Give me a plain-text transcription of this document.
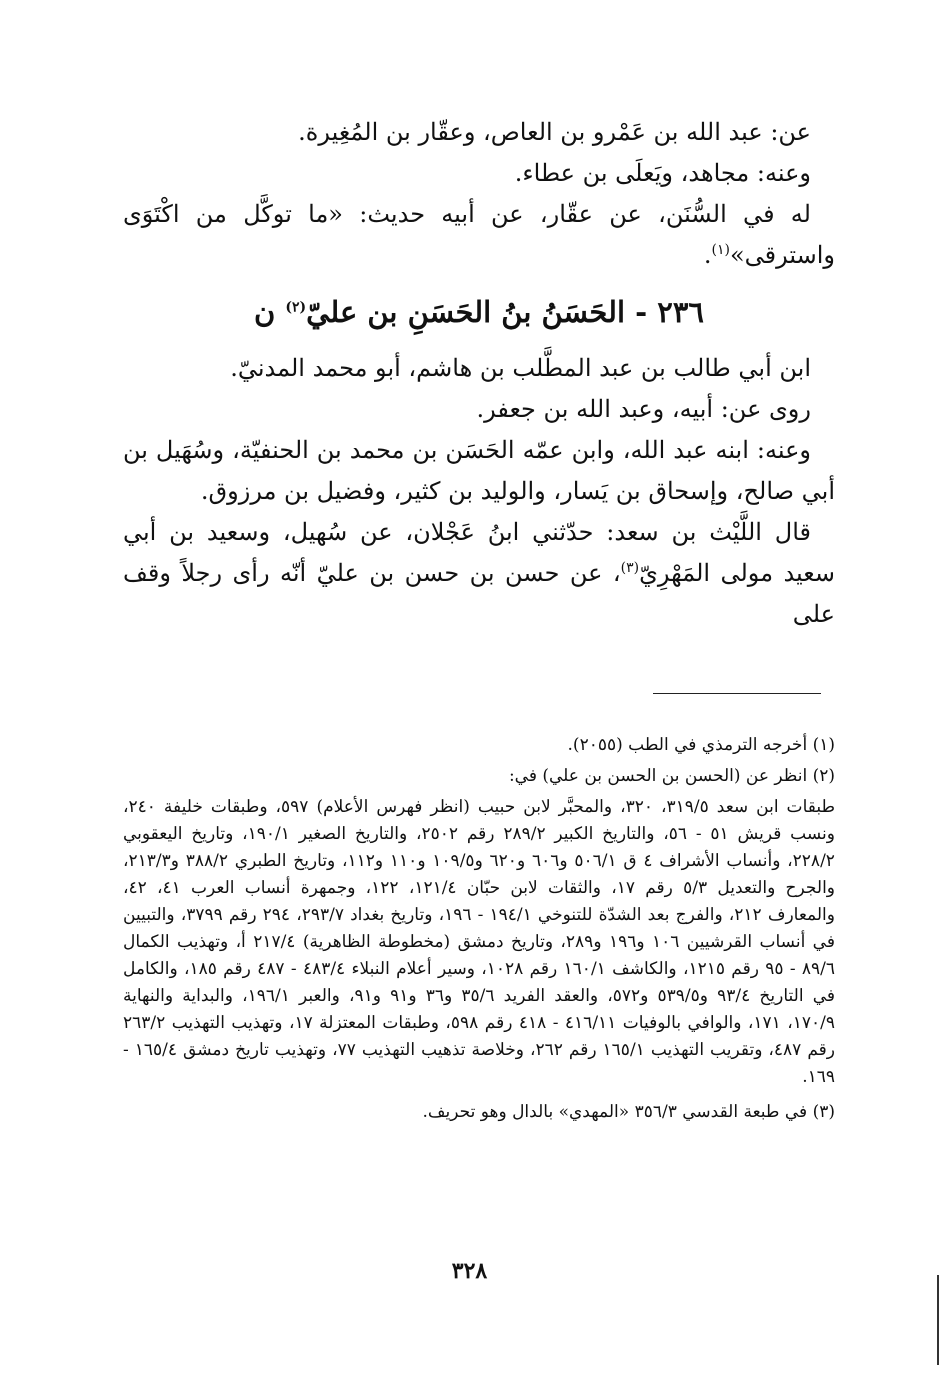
عن: عبد الله بن عَمْرو بن العاص، وعقّار بن المُغِيرة.

وعنه: مجاهد، ويَعلَى بن عطاء.

له في السُّنَن، عن عقّار، عن أبيه حديث: «ما توكَّل من اكْتَوَى واسترقى»$^{(١)}$.

٢٣٦ - الحَسَنُ بنُ الحَسَنِ بن عليّ$^{(٢)}$ ن

ابن أبي طالب بن عبد المطَّلب بن هاشم، أبو محمد المدنيّ.

روى عن: أبيه، وعبد الله بن جعفر.

وعنه: ابنه عبد الله، وابن عمّه الحَسَن بن محمد بن الحنفيّة، وسُهَيل بن أبي صالح، وإسحاق بن يَسار، والوليد بن كثير، وفضيل بن مرزوق.

قال اللَّيْث بن سعد: حدّثني ابنُ عَجْلان، عن سُهيل، وسعيد بن أبي سعيد مولى المَهْرِيّ$^{(٣)}$، عن حسن بن حسن بن عليّ أنّه رأى رجلاً وقف على

(١) أخرجه الترمذي في الطب (٢٠٥٥).

(٢) انظر عن (الحسن بن الحسن بن علي) في:

طبقات ابن سعد ٣١٩/٥، ٣٢٠، والمحبَّر لابن حبيب (انظر فهرس الأعلام) ٥٩٧، وطبقات خليفة ٢٤٠، ونسب قريش ٥١ - ٥٦، والتاريخ الكبير ٢٨٩/٢ رقم ٢٥٠٢، والتاريخ الصغير ١٩٠/١، وتاريخ اليعقوبي ٢٢٨/٢، وأنساب الأشراف ٤ ق ٥٠٦/١ و٦٠٦ و٦٢٠ و١٠٩/٥ و١١٠ و١١٢، وتاريخ الطبري ٣٨٨/٢ و٢١٣/٣، والجرح والتعديل ٥/٣ رقم ١٧، والثقات لابن حبّان ١٢١/٤، ١٢٢، وجمهرة أنساب العرب ٤١، ٤٢، والمعارف ٢١٢، والفرج بعد الشدّة للتنوخي ١٩٤/١ - ١٩٦، وتاريخ بغداد ٢٩٣/٧، ٢٩٤ رقم ٣٧٩٩، والتبيين في أنساب القرشيين ١٠٦ و١٩٦ و٢٨٩، وتاريخ دمشق (مخطوطة الظاهرية) ٢١٧/٤ أ، وتهذيب الكمال ٨٩/٦ - ٩٥ رقم ١٢١٥، والكاشف ١٦٠/١ رقم ١٠٢٨، وسير أعلام النبلاء ٤٨٣/٤ - ٤٨٧ رقم ١٨٥، والكامل في التاريخ ٩٣/٤ و٥٣٩/٥ و٥٧٢، والعقد الفريد ٣٥/٦ و٣٦ و٩١ و٩١، والعبر ١٩٦/١، والبداية والنهاية ١٧٠/٩، ١٧١، والوافي بالوفيات ٤١٦/١١ - ٤١٨ رقم ٥٩٨، وطبقات المعتزلة ١٧، وتهذيب التهذيب ٢٦٣/٢ رقم ٤٨٧، وتقريب التهذيب ١٦٥/١ رقم ٢٦٢، وخلاصة تذهيب التهذيب ٧٧، وتهذيب تاريخ دمشق ١٦٥/٤ - ١٦٩.

(٣) في طبعة القدسي ٣٥٦/٣ «المهدي» بالدال وهو تحريف.

٣٢٨
